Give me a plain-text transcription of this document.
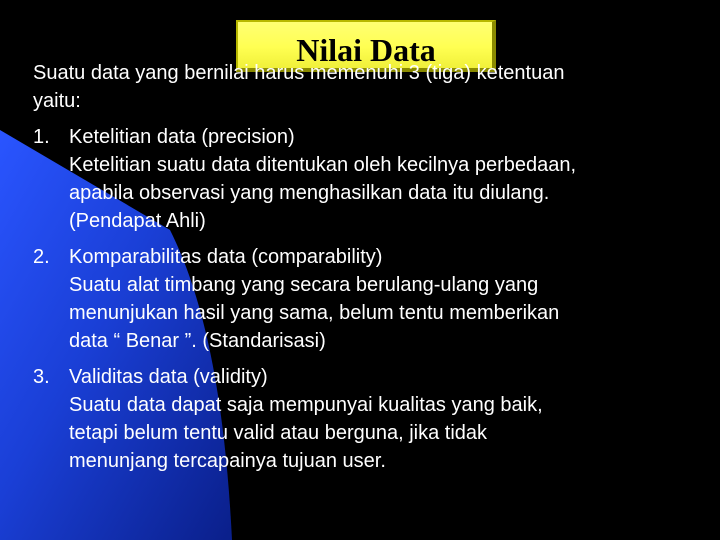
Nilai Data

Suatu data yang bernilai harus memenuhi 3 (tiga) ketentuan
yaitu:

1. Ketelitian data (precision)
Ketelitian suatu data ditentukan oleh kecilnya perbedaan,
apabila observasi yang menghasilkan data itu diulang.
(Pendapat Ahli)
2. Komparabilitas data (comparability)
Suatu alat timbang yang secara berulang-ulang yang
menunjukan hasil yang sama, belum tentu memberikan
data “ Benar ”. (Standarisasi)
3. Validitas data (validity)
Suatu data dapat saja mempunyai kualitas yang baik,
tetapi belum tentu valid atau berguna, jika tidak
menunjang tercapainya tujuan user.
